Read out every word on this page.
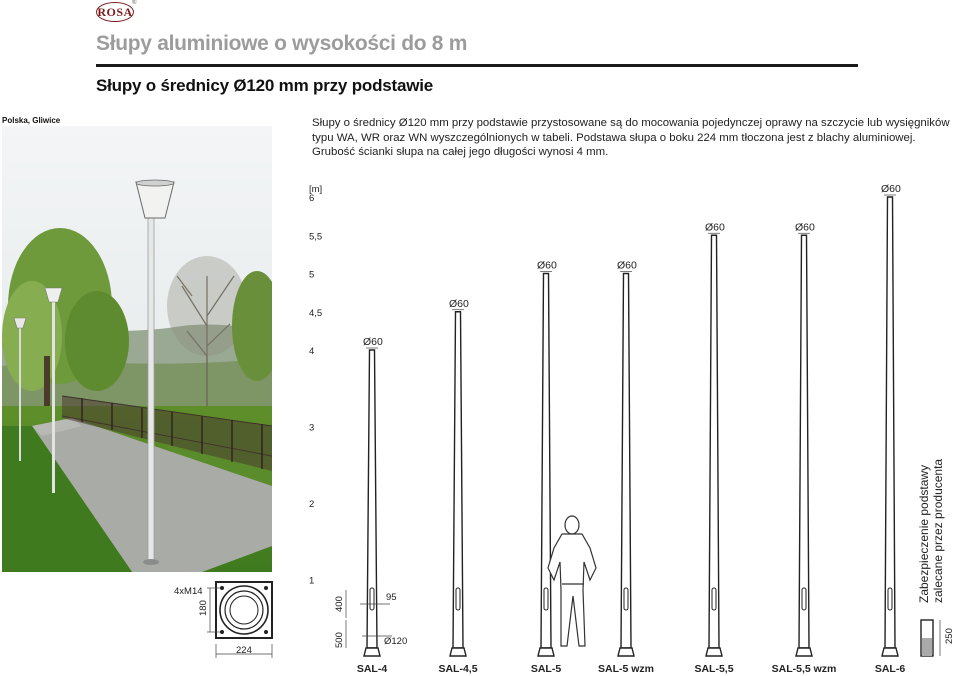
ROSA
®
Słupy aluminiowe o wysokości do 8 m
Słupy o średnicy Ø120 mm przy podstawie
Polska, Gliwice	Słupy o średnicy Ø120 mm przy podstawie przystosowane są do mocowania pojedynczej oprawy na szczycie lub wysięgników typu WA, WR oraz WN wyszczególnionych w tabeli. Podstawa słupa o boku 224 mm tłoczona jest z blachy aluminiowej. Grubość ścianki słupa na całej jego długości wynosi 4 mm.
4xM14
180
224
[m]
1
2
3
4
4,5
5
5,5
6
Ø60
SAL-4
Ø60
SAL-4,5
Ø60
SAL-5
Ø60
SAL-5 wzm
Ø60
SAL-5,5
Ø60
SAL-5,5 wzm
Ø60
SAL-6
400
500
95
Ø120
Zabezpieczenie podstawy zalecane przez producenta
250
